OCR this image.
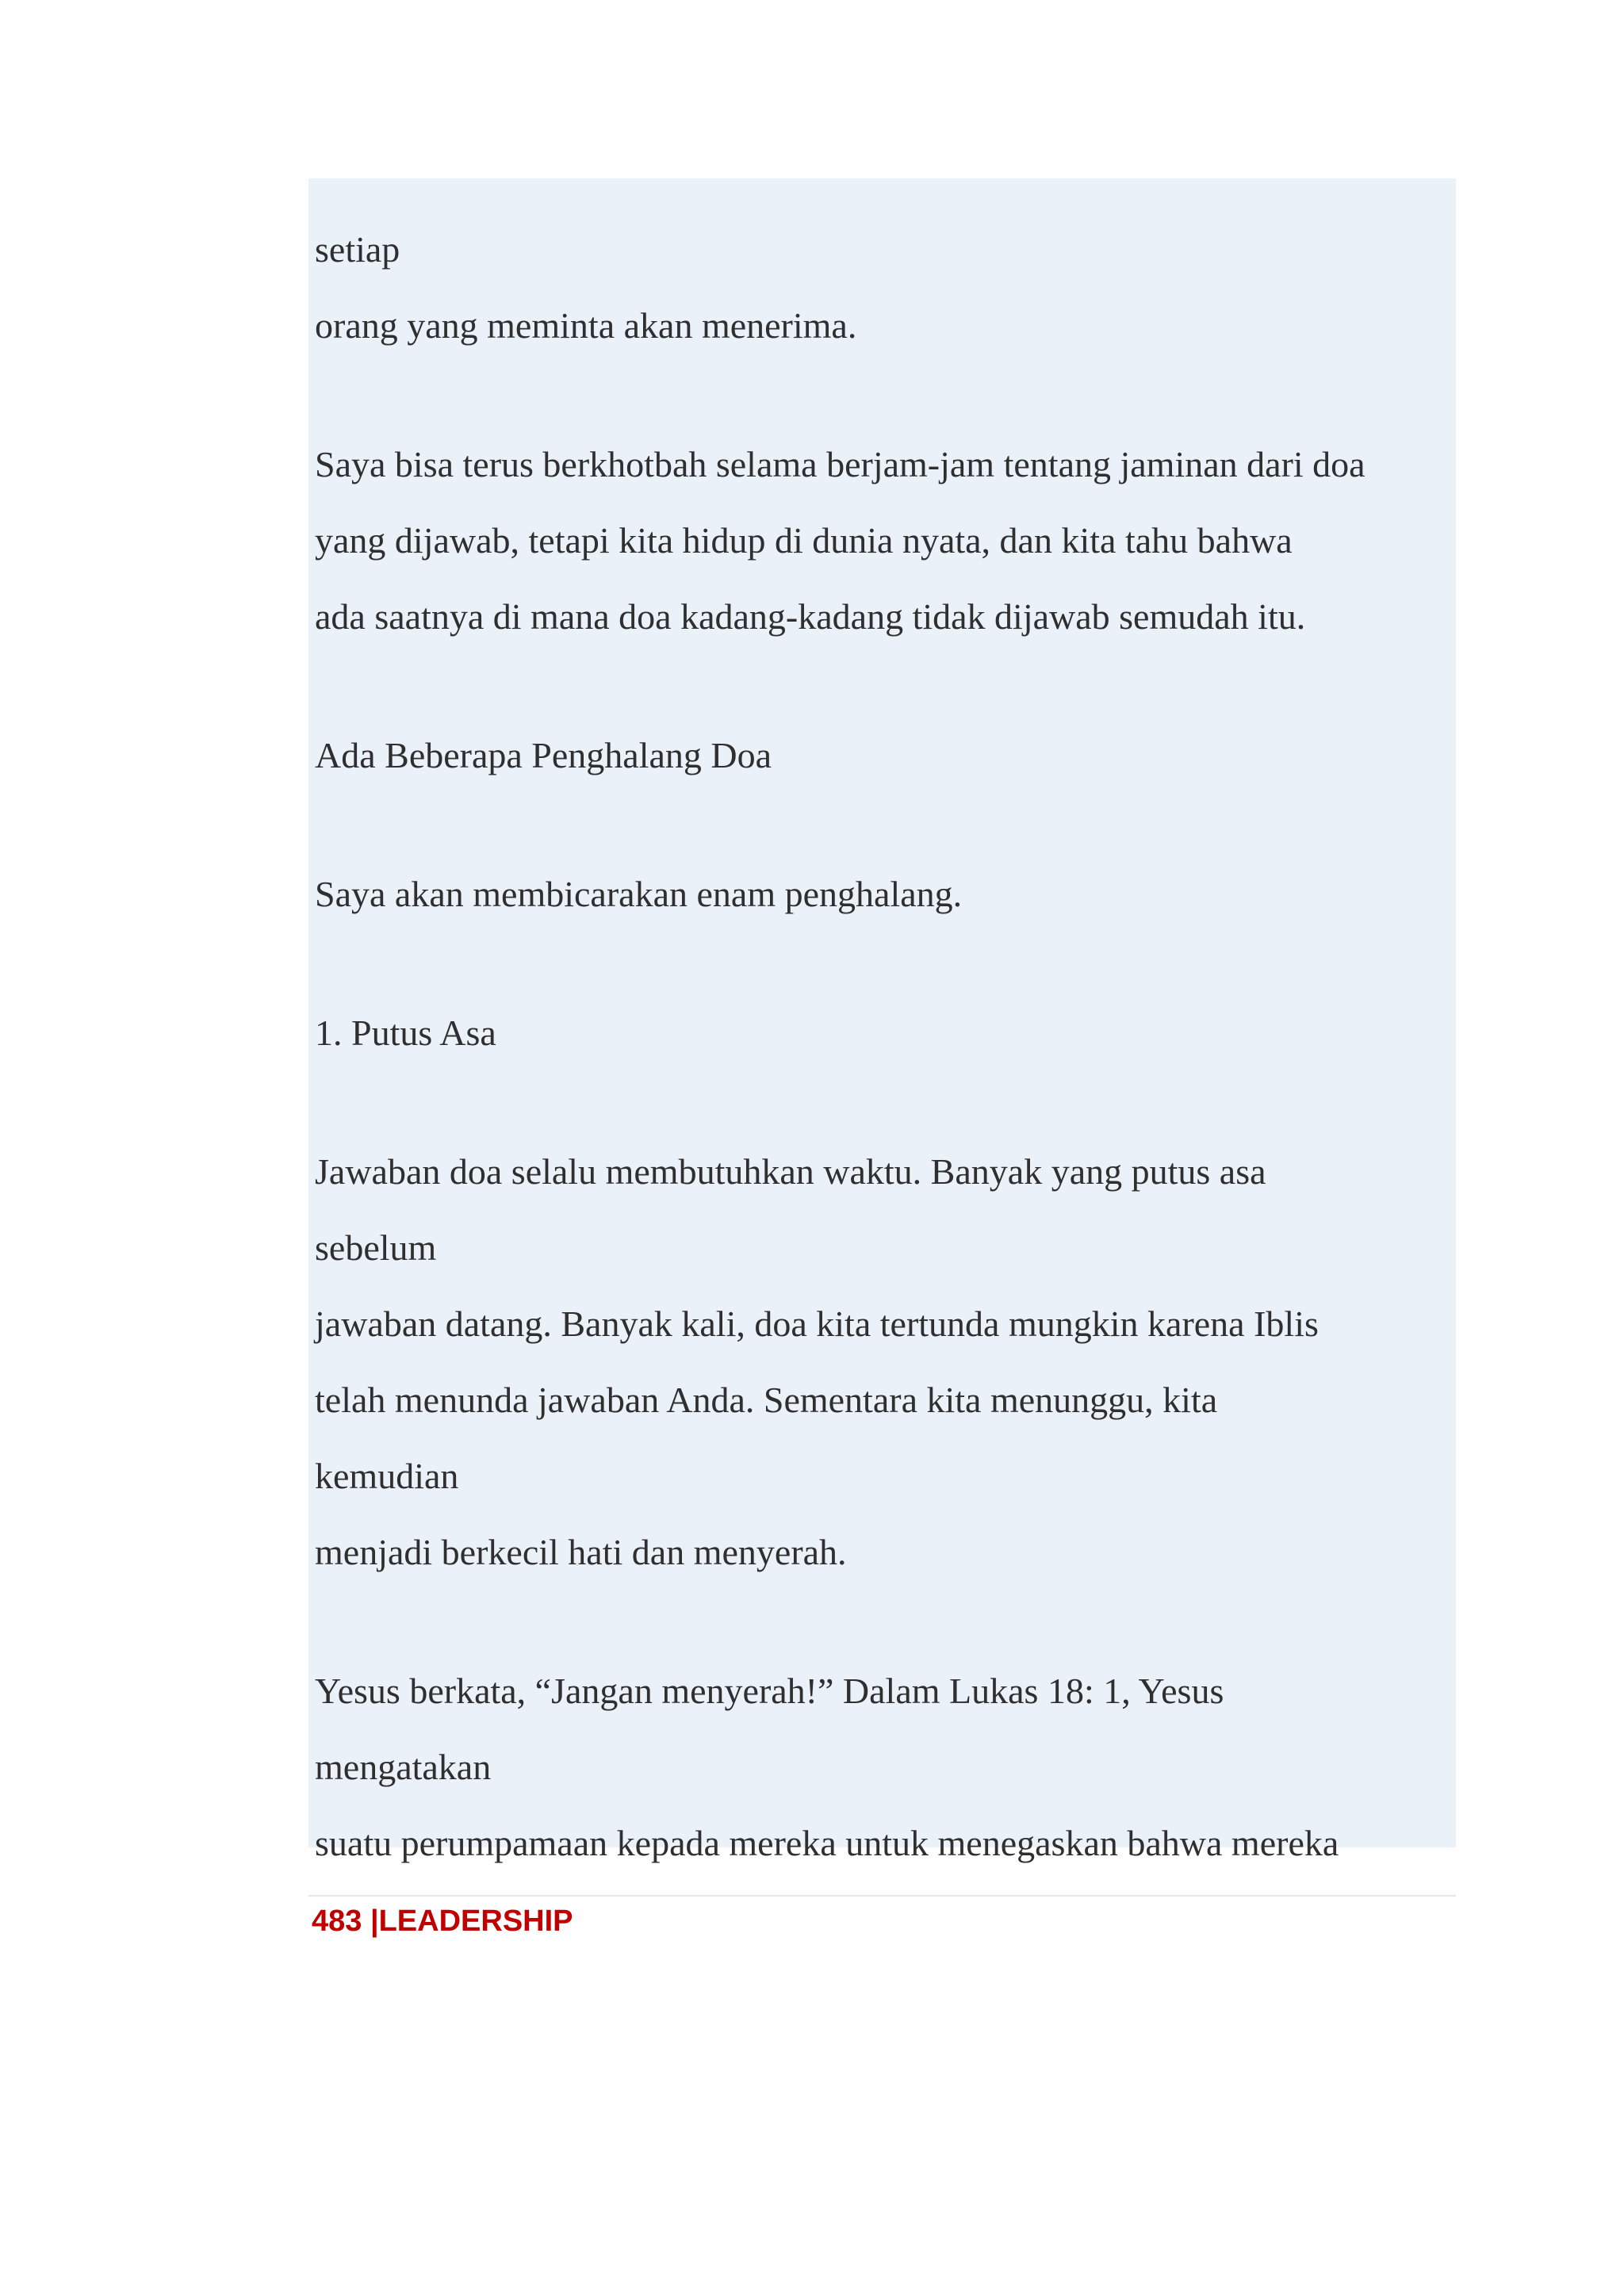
setiap
orang yang meminta akan menerima.
Saya bisa terus berkhotbah selama berjam-jam tentang jaminan dari doa
yang dijawab, tetapi kita hidup di dunia nyata, dan kita tahu bahwa
ada saatnya di mana doa kadang-kadang tidak dijawab semudah itu.
Ada Beberapa Penghalang Doa
Saya akan membicarakan enam penghalang.
1. Putus Asa
Jawaban doa selalu membutuhkan waktu. Banyak yang putus asa
sebelum
jawaban datang. Banyak kali, doa kita tertunda mungkin karena Iblis
telah menunda jawaban Anda. Sementara kita menunggu, kita
kemudian
menjadi berkecil hati dan menyerah.
Yesus berkata, “Jangan menyerah!” Dalam Lukas 18: 1, Yesus
mengatakan
suatu perumpamaan kepada mereka untuk menegaskan bahwa mereka
483 |LEADERSHIP
